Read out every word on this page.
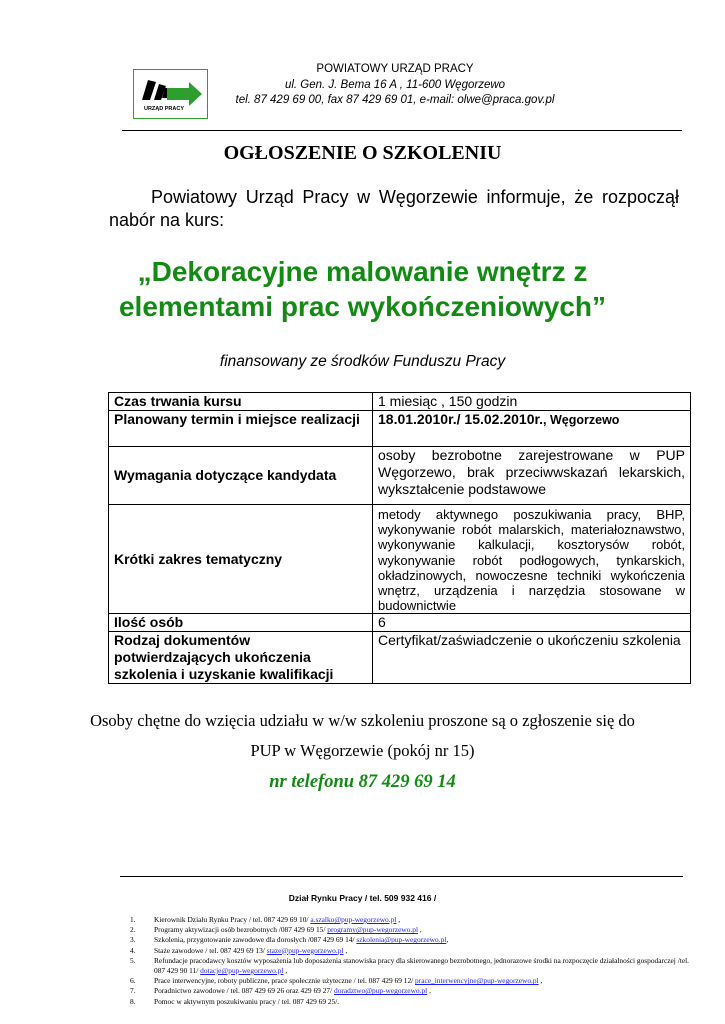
URZĄD PRACY
POWIATOWY URZĄD PRACY
ul. Gen. J. Bema 16 A , 11-600 Węgorzewo
tel. 87 429 69 00, fax 87 429 69 01, e-mail: olwe@praca.gov.pl
OGŁOSZENIE O SZKOLENIU
Powiatowy Urząd Pracy w Węgorzewie informuje, że rozpoczął nabór na kurs:
„Dekoracyjne malowanie wnętrz z
elementami prac wykończeniowych”
finansowany ze środków Funduszu Pracy
Czas trwania kursu	1 miesiąc , 150 godzin
Planowany termin i miejsce realizacji	18.01.2010r./ 15.02.2010r., Węgorzewo
Wymagania dotyczące kandydata	osoby bezrobotne zarejestrowane w PUP Węgorzewo, brak przeciwwskazań lekarskich, wykształcenie podstawowe
Krótki zakres tematyczny	metody aktywnego poszukiwania pracy, BHP, wykonywanie robót malarskich, materiałoznawstwo, wykonywanie kalkulacji, kosztorysów robót, wykonywanie robót podłogowych, tynkarskich, okładzinowych, nowoczesne techniki wykończenia wnętrz, urządzenia i narzędzia stosowane w budownictwie
Ilość osób	6
Rodzaj dokumentów potwierdzających ukończenia szkolenia i uzyskanie kwalifikacji	Certyfikat/zaświadczenie o ukończeniu szkolenia
Osoby chętne do wzięcia udziału w w/w szkoleniu proszone są o zgłoszenie się do
PUP w Węgorzewie (pokój nr 15)
nr telefonu 87 429 69 14
Dział Rynku Pracy / tel. 509 932 416 /
1. Kierownik Działu Rynku Pracy / tel. 087 429 69 10/ a.szalko@pup-wegorzewo.pl ,
2. Programy aktywizacji osób bezrobotnych /087 429 69 15/ programy@pup-wegorzewo.pl ,
3. Szkolenia, przygotowanie zawodowe dla dorosłych /087 429 69 14/ szkolenia@pup-wegorzewo.pl,
4. Staże zawodowe / tel. 087 429 69 13/ staze@pup-wegorzewo.pl ,
5. Refundacje pracodawcy kosztów wyposażenia lub doposażenia stanowiska pracy dla skierowanego bezrobotnego, jednorazowe środki na rozpoczęcie działalności gospodarczej /tel. 087 429 90 11/ dotacje@pup-wegorzewo.pl ,
6. Prace interwencyjne, roboty publiczne, prace społecznie użyteczne / tel. 087 429 69 12/ prace_interwencyjne@pup-wegorzewo.pl ,
7. Poradnictwo zawodowe / tel. 087 429 69 26 oraz 429 69 27/ doradztwo@pup-wegorzewo.pl ,
8. Pomoc w aktywnym poszukiwaniu pracy / tel. 087 429 69 25/.
